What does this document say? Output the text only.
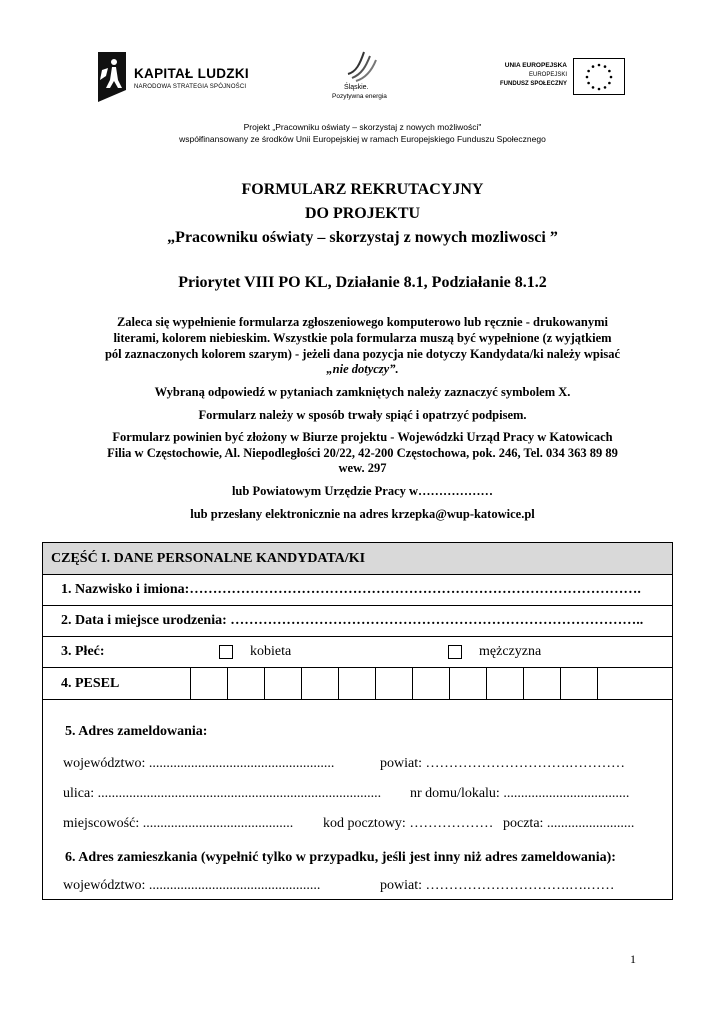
KAPITAŁ LUDZKI
NARODOWA STRATEGIA SPÓJNOŚCI	Śląskie.
Pozytywna energia
UNIA EUROPEJSKA
EUROPEJSKI
FUNDUSZ SPOŁECZNY
Projekt „Pracowniku oświaty – skorzystaj z nowych możliwości"
współfinansowany ze środków Unii Europejskiej w ramach Europejskiego Funduszu Społecznego
FORMULARZ REKRUTACYJNY
DO PROJEKTU
„Pracowniku oświaty – skorzystaj z nowych mozliwosci ”
Priorytet VIII PO KL, Działanie 8.1, Podziałanie 8.1.2
Zaleca się wypełnienie formularza zgłoszeniowego komputerowo lub ręcznie - drukowanymi
literami, kolorem niebieskim. Wszystkie pola formularza muszą być wypełnione (z wyjątkiem
pól zaznaczonych kolorem szarym) - jeżeli dana pozycja nie dotyczy Kandydata/ki należy wpisać
„nie dotyczy”.
Wybraną odpowiedź w pytaniach zamkniętych należy zaznaczyć symbolem X.
Formularz należy w sposób trwały spiąć i opatrzyć podpisem.
Formularz powinien być złożony w Biurze projektu - Wojewódzki Urząd Pracy w Katowicach
Filia w Częstochowie, Al. Niepodległości 20/22, 42-200 Częstochowa, pok. 246, Tel. 034 363 89 89
wew. 297
lub Powiatowym Urzędzie Pracy w………………
lub przesłany elektronicznie na adres krzepka@wup-katowice.pl
CZĘŚĆ I. DANE PERSONALNE KANDYDATA/KI
1. Nazwisko i imiona:…………………………………………………………………………………….
2. Data i miejsce urodzenia: ……………………………………………………………………………..
3. Płeć:	kobieta	mężczyzna
4. PESEL
5. Adres zameldowania:
województwo: .....................................................	powiat: ………………………….…………
ulica: ................................................................................. nr domu/lokalu: ....................................
miejscowość: ........................................... kod pocztowy: ……………… poczta: .........................
6. Adres zamieszkania (wypełnić tylko w przypadku, jeśli jest inny niż adres zameldowania):
województwo: .................................................	powiat: ………………………….….……
1
